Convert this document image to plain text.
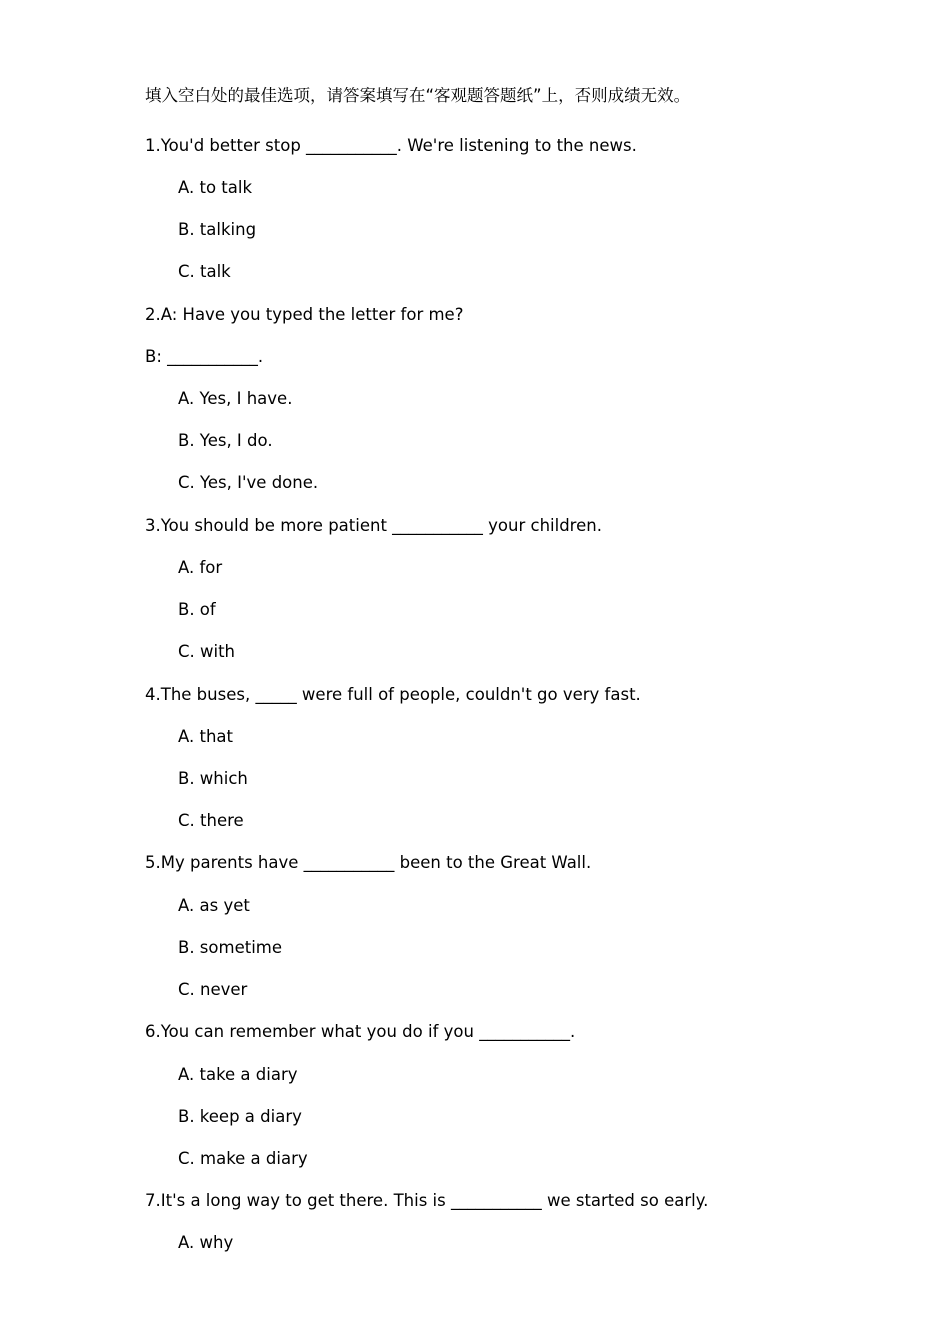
填入空白处的最佳选项，请答案填写在“客观题答题纸”上，否则成绩无效。
1.You'd better stop ___________. We're listening to the news.
A. to talk
B. talking
C. talk
2.A: Have you typed the letter for me?
B: ___________.
A. Yes, I have.
B. Yes, I do.
C. Yes, I've done.
3.You should be more patient ___________ your children.
A. for
B. of
C. with
4.The buses, _____ were full of people, couldn't go very fast.
A. that
B. which
C. there
5.My parents have ___________ been to the Great Wall.
A. as yet
B. sometime
C. never
6.You can remember what you do if you ___________.
A. take a diary
B. keep a diary
C. make a diary
7.It's a long way to get there. This is ___________ we started so early.
A. why
